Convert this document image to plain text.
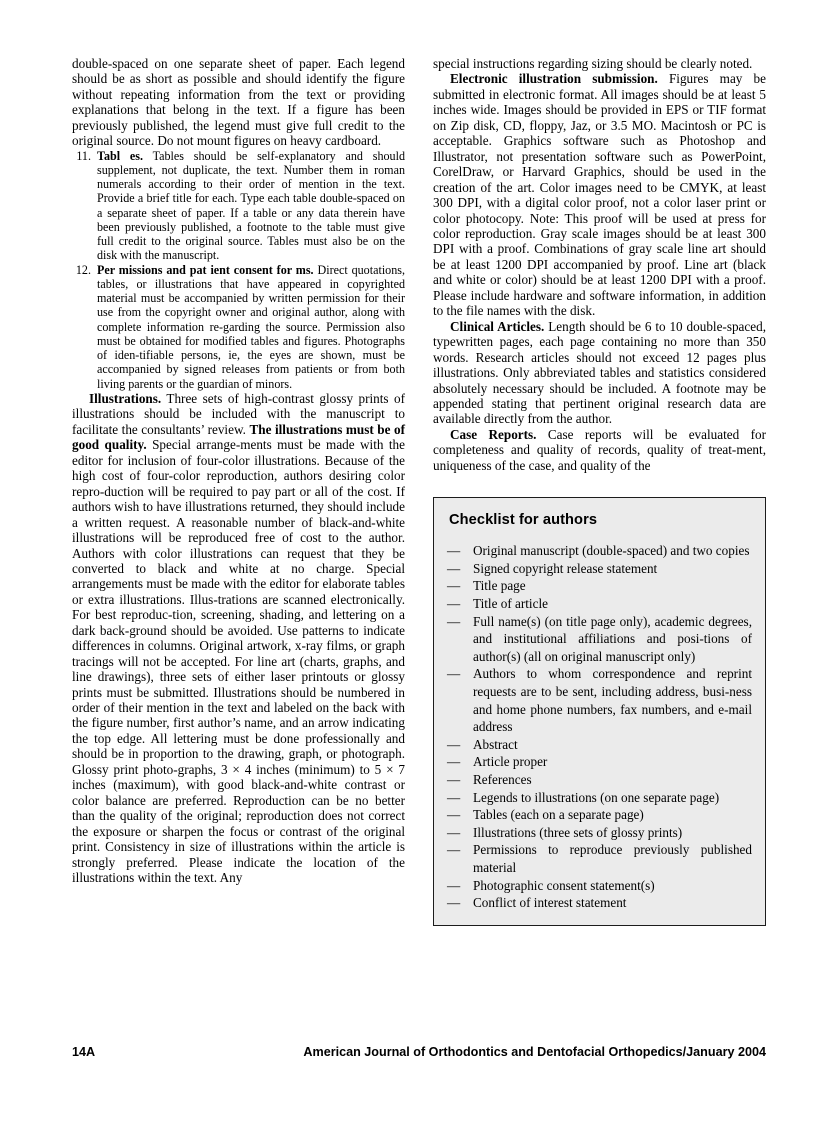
double-spaced on one separate sheet of paper. Each legend should be as short as possible and should identify the figure without repeating information from the text or providing explanations that belong in the text. If a figure has been previously published, the legend must give full credit to the original source. Do not mount figures on heavy cardboard.

11. Tabl es. Tables should be self-explanatory and should supplement, not duplicate, the text. Number them in roman numerals according to their order of mention in the text. Provide a brief title for each. Type each table double-spaced on a separate sheet of paper. If a table or any data therein have been previously published, a footnote to the table must give full credit to the original source. Tables must also be on the disk with the manuscript.
12. Per missions and pat ient consent for ms. Direct quotations, tables, or illustrations that have appeared in copyrighted material must be accompanied by written permission for their use from the copyright owner and original author, along with complete information re-garding the source. Permission also must be obtained for modified tables and figures. Photographs of iden-tifiable persons, ie, the eyes are shown, must be accompanied by signed releases from patients or from both living parents or the guardian of minors.

Illustrations. Three sets of high-contrast glossy prints of illustrations should be included with the manuscript to facilitate the consultants’ review. The illustrations must be of good quality. Special arrange-ments must be made with the editor for inclusion of four-color illustrations. Because of the high cost of four-color reproduction, authors desiring color repro-duction will be required to pay part or all of the cost. If authors wish to have illustrations returned, they should include a written request. A reasonable number of black-and-white illustrations will be reproduced free of cost to the author. Authors with color illustrations can request that they be converted to black and white at no charge. Special arrangements must be made with the editor for elaborate tables or extra illustrations. Illus-trations are scanned electronically. For best reproduc-tion, screening, shading, and lettering on a dark back-ground should be avoided. Use patterns to indicate differences in columns. Original artwork, x-ray films, or graph tracings will not be accepted. For line art (charts, graphs, and line drawings), three sets of either laser printouts or glossy prints must be submitted. Illustrations should be numbered in order of their mention in the text and labeled on the back with the figure number, first author’s name, and an arrow indicating the top edge. All lettering must be done professionally and should be in proportion to the drawing, graph, or photograph. Glossy print photo-graphs, 3 × 4 inches (minimum) to 5 × 7 inches (maximum), with good black-and-white contrast or color balance are preferred. Reproduction can be no better than the quality of the original; reproduction does not correct the exposure or sharpen the focus or contrast of the original print. Consistency in size of illustrations within the article is strongly preferred. Please indicate the location of the illustrations within the text. Any

special instructions regarding sizing should be clearly noted.

Electronic illustration submission. Figures may be submitted in electronic format. All images should be at least 5 inches wide. Images should be provided in EPS or TIF format on Zip disk, CD, floppy, Jaz, or 3.5 MO. Macintosh or PC is acceptable. Graphics software such as Photoshop and Illustrator, not presentation software such as PowerPoint, CorelDraw, or Harvard Graphics, should be used in the creation of the art. Color images need to be CMYK, at least 300 DPI, with a digital color proof, not a color laser print or color photocopy. Note: This proof will be used at press for color reproduction. Gray scale images should be at least 300 DPI with a proof. Combinations of gray scale line art should be at least 1200 DPI accompanied by proof. Line art (black and white or color) should be at least 1200 DPI with a proof. Please include hardware and software information, in addition to the file names with the disk.

Clinical Articles. Length should be 6 to 10 double-spaced, typewritten pages, each page containing no more than 350 words. Research articles should not exceed 12 pages plus illustrations. Only abbreviated tables and statistics considered absolutely necessary should be included. A footnote may be appended stating that pertinent original research data are available directly from the author.

Case Reports. Case reports will be evaluated for completeness and quality of records, quality of treat-ment, uniqueness of the case, and quality of the

Checklist for authors
— Original manuscript (double-spaced) and two copies
— Signed copyright release statement
— Title page
— Title of article
— Full name(s) (on title page only), academic degrees, and institutional affiliations and posi-tions of author(s) (all on original manuscript only)
— Authors to whom correspondence and reprint requests are to be sent, including address, busi-ness and home phone numbers, fax numbers, and e-mail address
— Abstract
— Article proper
— References
— Legends to illustrations (on one separate page)
— Tables (each on a separate page)
— Illustrations (three sets of glossy prints)
— Permissions to reproduce previously published material
— Photographic consent statement(s)
— Conflict of interest statement
14A	American Journal of Orthodontics and Dentofacial Orthopedics/January 2004
